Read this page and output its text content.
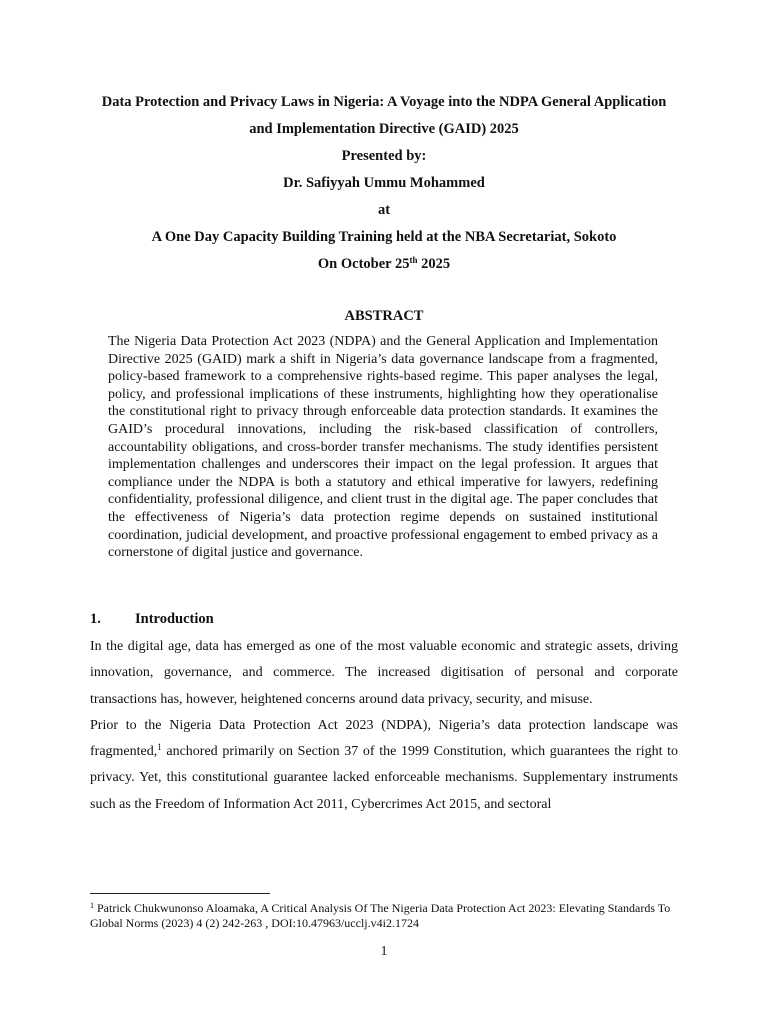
Data Protection and Privacy Laws in Nigeria: A Voyage into the NDPA General Application
and Implementation Directive (GAID) 2025
Presented by:
Dr. Safiyyah Ummu Mohammed
at
A One Day Capacity Building Training held at the NBA Secretariat, Sokoto
On October 25th 2025
ABSTRACT

The Nigeria Data Protection Act 2023 (NDPA) and the General Application and Implementation Directive 2025 (GAID) mark a shift in Nigeria’s data governance landscape from a fragmented, policy-based framework to a comprehensive rights-based regime. This paper analyses the legal, policy, and professional implications of these instruments, highlighting how they operationalise the constitutional right to privacy through enforceable data protection standards. It examines the GAID’s procedural innovations, including the risk-based classification of controllers, accountability obligations, and cross-border transfer mechanisms. The study identifies persistent implementation challenges and underscores their impact on the legal profession. It argues that compliance under the NDPA is both a statutory and ethical imperative for lawyers, redefining confidentiality, professional diligence, and client trust in the digital age. The paper concludes that the effectiveness of Nigeria’s data protection regime depends on sustained institutional coordination, judicial development, and proactive professional engagement to embed privacy as a cornerstone of digital justice and governance.

1. Introduction

In the digital age, data has emerged as one of the most valuable economic and strategic assets, driving innovation, governance, and commerce. The increased digitisation of personal and corporate transactions has, however, heightened concerns around data privacy, security, and misuse.

Prior to the Nigeria Data Protection Act 2023 (NDPA), Nigeria’s data protection landscape was fragmented,$^1$ anchored primarily on Section 37 of the 1999 Constitution, which guarantees the right to privacy. Yet, this constitutional guarantee lacked enforceable mechanisms. Supplementary instruments such as the Freedom of Information Act 2011, Cybercrimes Act 2015, and sectoral

$^1$ Patrick Chukwunonso Aloamaka, A Critical Analysis Of The Nigeria Data Protection Act 2023: Elevating Standards To Global Norms (2023) 4 (2) 242-263 , DOI:10.47963/ucclj.v4i2.1724
1
